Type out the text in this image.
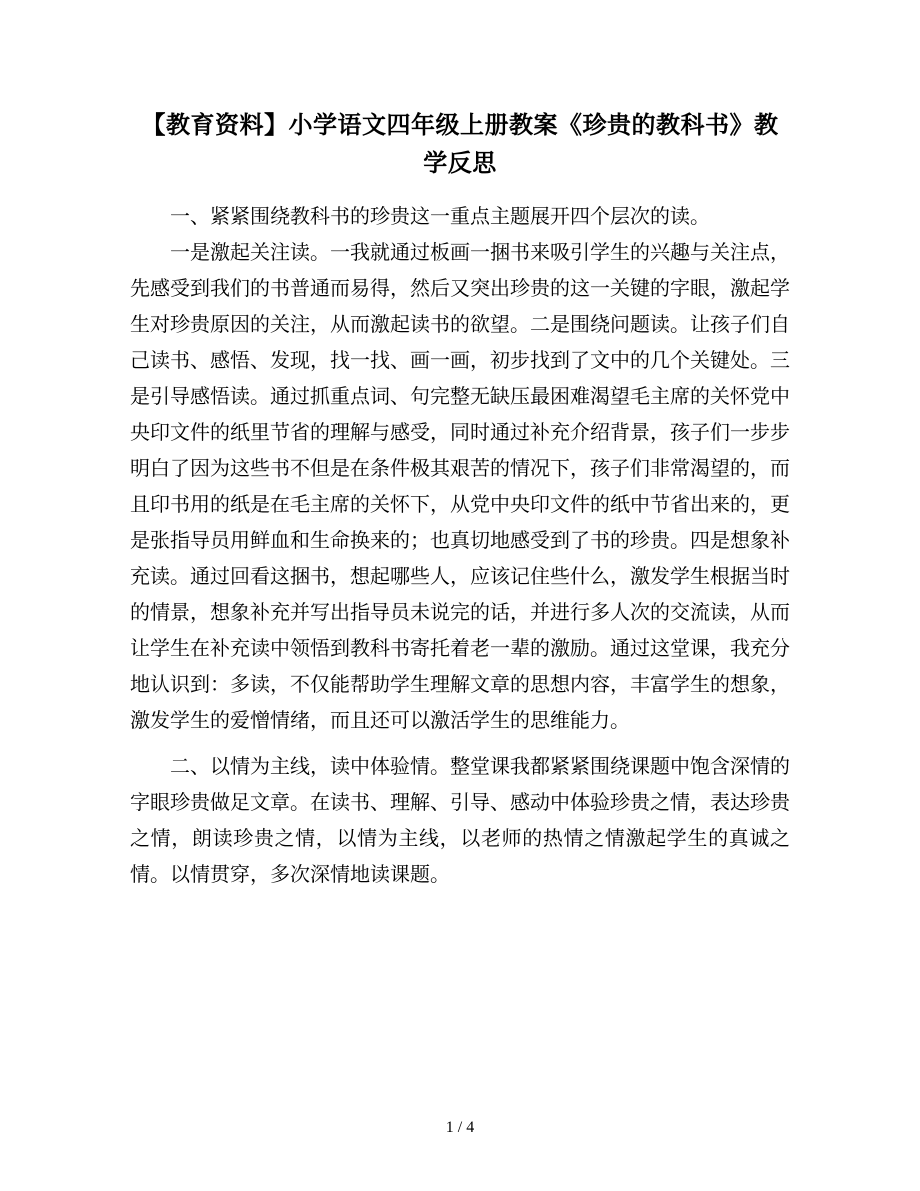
【教育资料】小学语文四年级上册教案《珍贵的教科书》教学反思

一、紧紧围绕教科书的珍贵这一重点主题展开四个层次的读。

一是激起关注读。一我就通过板画一捆书来吸引学生的兴趣与关注点，先感受到我们的书普通而易得，然后又突出珍贵的这一关键的字眼，激起学生对珍贵原因的关注，从而激起读书的欲望。二是围绕问题读。让孩子们自己读书、感悟、发现，找一找、画一画，初步找到了文中的几个关键处。三是引导感悟读。通过抓重点词、句完整无缺压最困难渴望毛主席的关怀党中央印文件的纸里节省的理解与感受，同时通过补充介绍背景，孩子们一步步明白了因为这些书不但是在条件极其艰苦的情况下，孩子们非常渴望的，而且印书用的纸是在毛主席的关怀下，从党中央印文件的纸中节省出来的，更是张指导员用鲜血和生命换来的；也真切地感受到了书的珍贵。四是想象补充读。通过回看这捆书，想起哪些人，应该记住些什么，激发学生根据当时的情景，想象补充并写出指导员未说完的话，并进行多人次的交流读，从而让学生在补充读中领悟到教科书寄托着老一辈的激励。通过这堂课，我充分地认识到：多读，不仅能帮助学生理解文章的思想内容，丰富学生的想象，激发学生的爱憎情绪，而且还可以激活学生的思维能力。

二、以情为主线，读中体验情。整堂课我都紧紧围绕课题中饱含深情的字眼珍贵做足文章。在读书、理解、引导、感动中体验珍贵之情，表达珍贵之情，朗读珍贵之情，以情为主线，以老师的热情之情激起学生的真诚之情。以情贯穿，多次深情地读课题。

1 / 4
